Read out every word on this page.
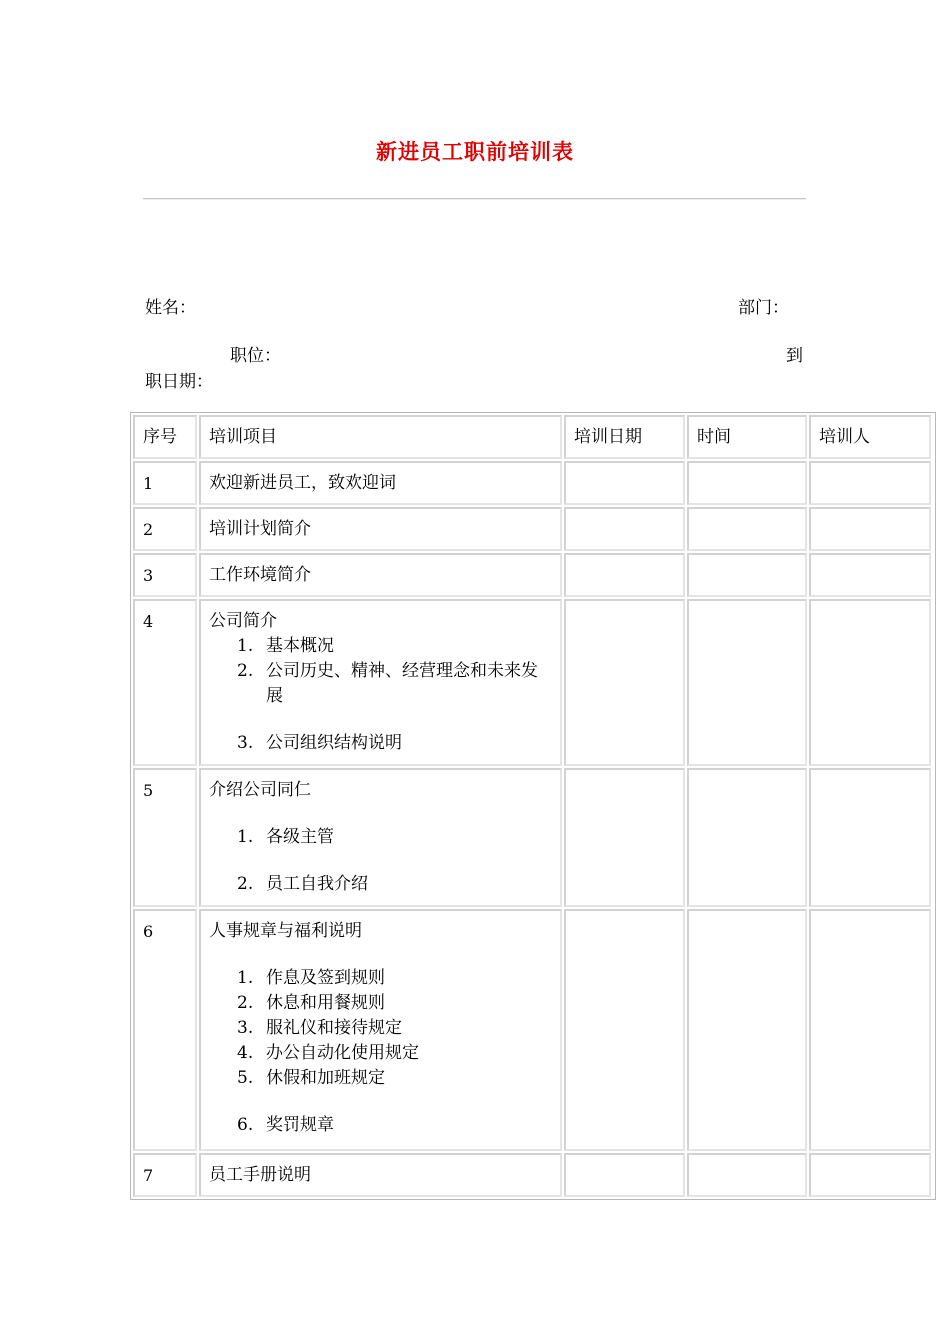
新进员工职前培训表
姓名：	部门：
职位：	到
职日期：
序号	培训项目	培训日期	时间	培训人
1	欢迎新进员工，致欢迎词
2	培训计划简介
3	工作环境简介
4	公司简介
1. 基本概况
2. 公司历史、精神、经营理念和未来发展
3. 公司组织结构说明
5	介绍公司同仁
1. 各级主管
2. 员工自我介绍
6	人事规章与福利说明
1. 作息及签到规则
2. 休息和用餐规则
3. 服礼仪和接待规定
4. 办公自动化使用规定
5. 休假和加班规定
6. 奖罚规章
7	员工手册说明
